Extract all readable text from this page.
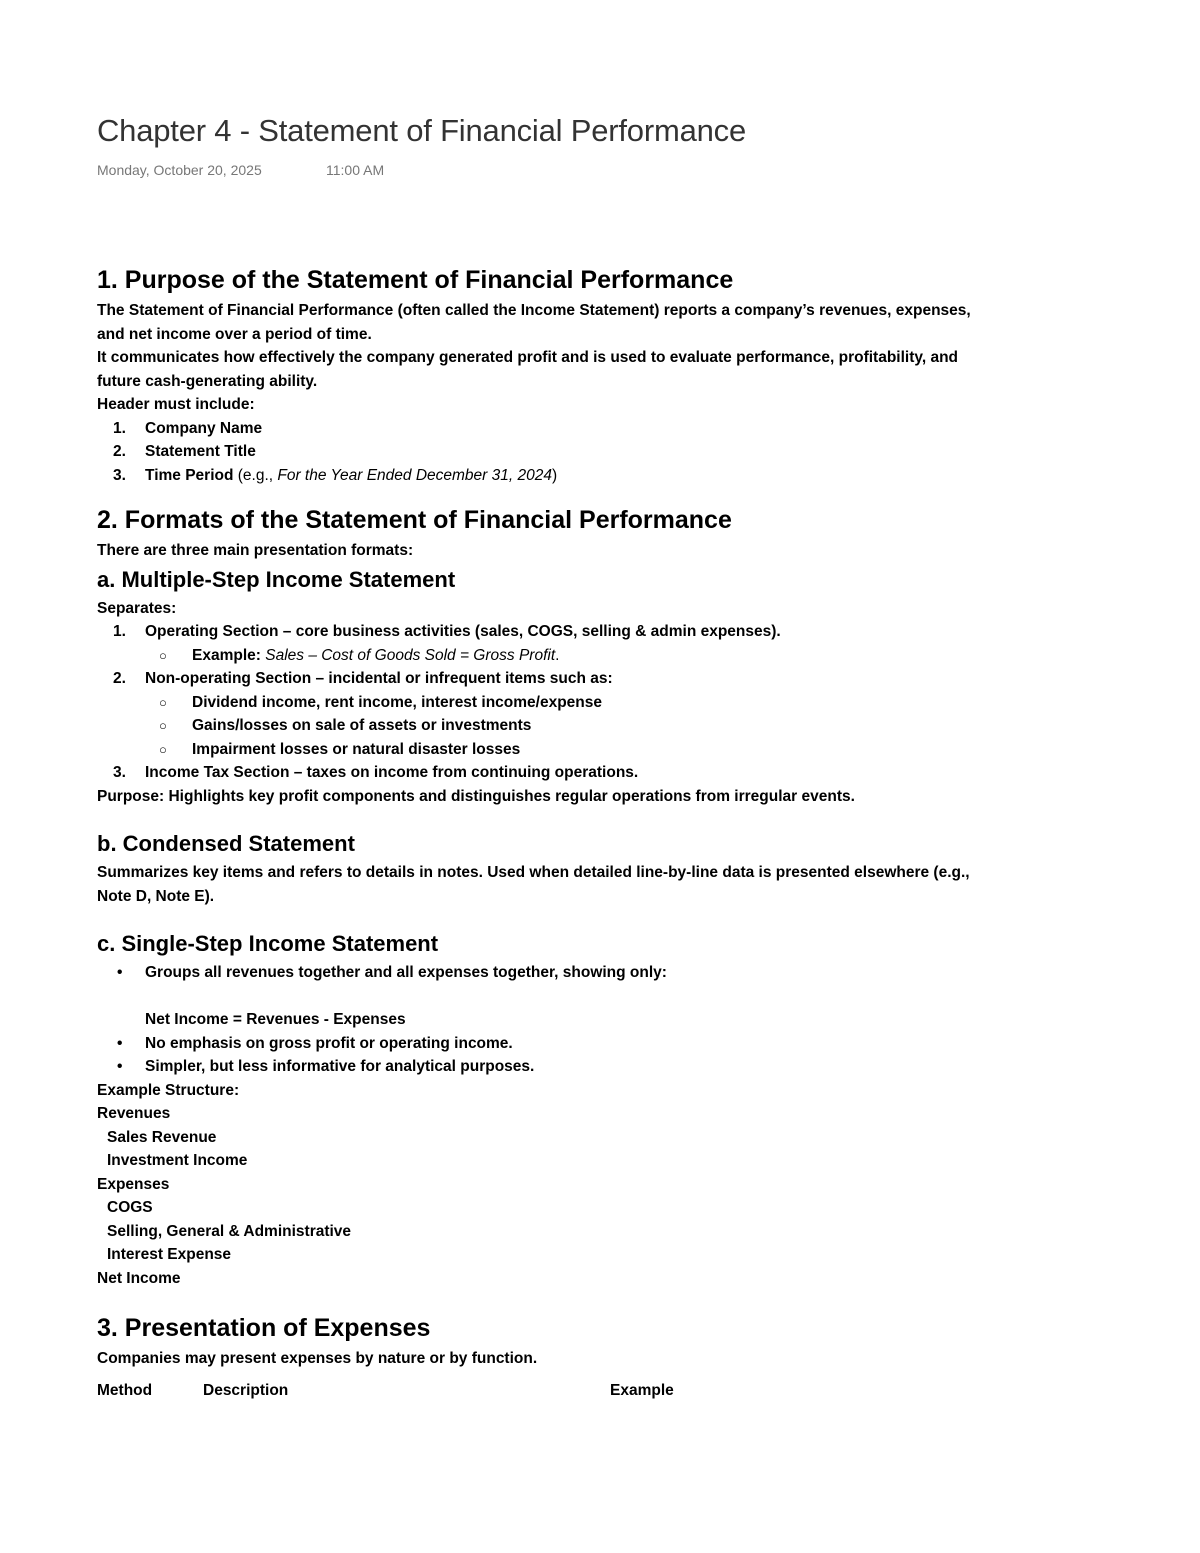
Chapter 4 - Statement of Financial Performance
Monday, October 20, 2025	11:00 AM
1. Purpose of the Statement of Financial Performance

The Statement of Financial Performance (often called the Income Statement) reports a company’s revenues, expenses,

and net income over a period of time.

It communicates how effectively the company generated profit and is used to evaluate performance, profitability, and

future cash-generating ability.

Header must include:

1. Company Name
2. Statement Title
3. Time Period (e.g., For the Year Ended December 31, 2024)
2. Formats of the Statement of Financial Performance

There are three main presentation formats:

a. Multiple-Step Income Statement

Separates:

1. Operating Section – core business activities (sales, COGS, selling & admin expenses).
○ Example: Sales – Cost of Goods Sold = Gross Profit.
2. Non-operating Section – incidental or infrequent items such as:
○ Dividend income, rent income, interest income/expense
○ Gains/losses on sale of assets or investments
○ Impairment losses or natural disaster losses
3. Income Tax Section – taxes on income from continuing operations.

Purpose: Highlights key profit components and distinguishes regular operations from irregular events.

b. Condensed Statement

Summarizes key items and refers to details in notes. Used when detailed line-by-line data is presented elsewhere (e.g.,

Note D, Note E).

c. Single-Step Income Statement
• Groups all revenues together and all expenses together, showing only:
Net Income = Revenues - Expenses
• No emphasis on gross profit or operating income.
• Simpler, but less informative for analytical purposes.

Example Structure:

Revenues

Sales Revenue

Investment Income

Expenses

COGS

Selling, General & Administrative

Interest Expense

Net Income

3. Presentation of Expenses

Companies may present expenses by nature or by function.

Method	Description	Example
